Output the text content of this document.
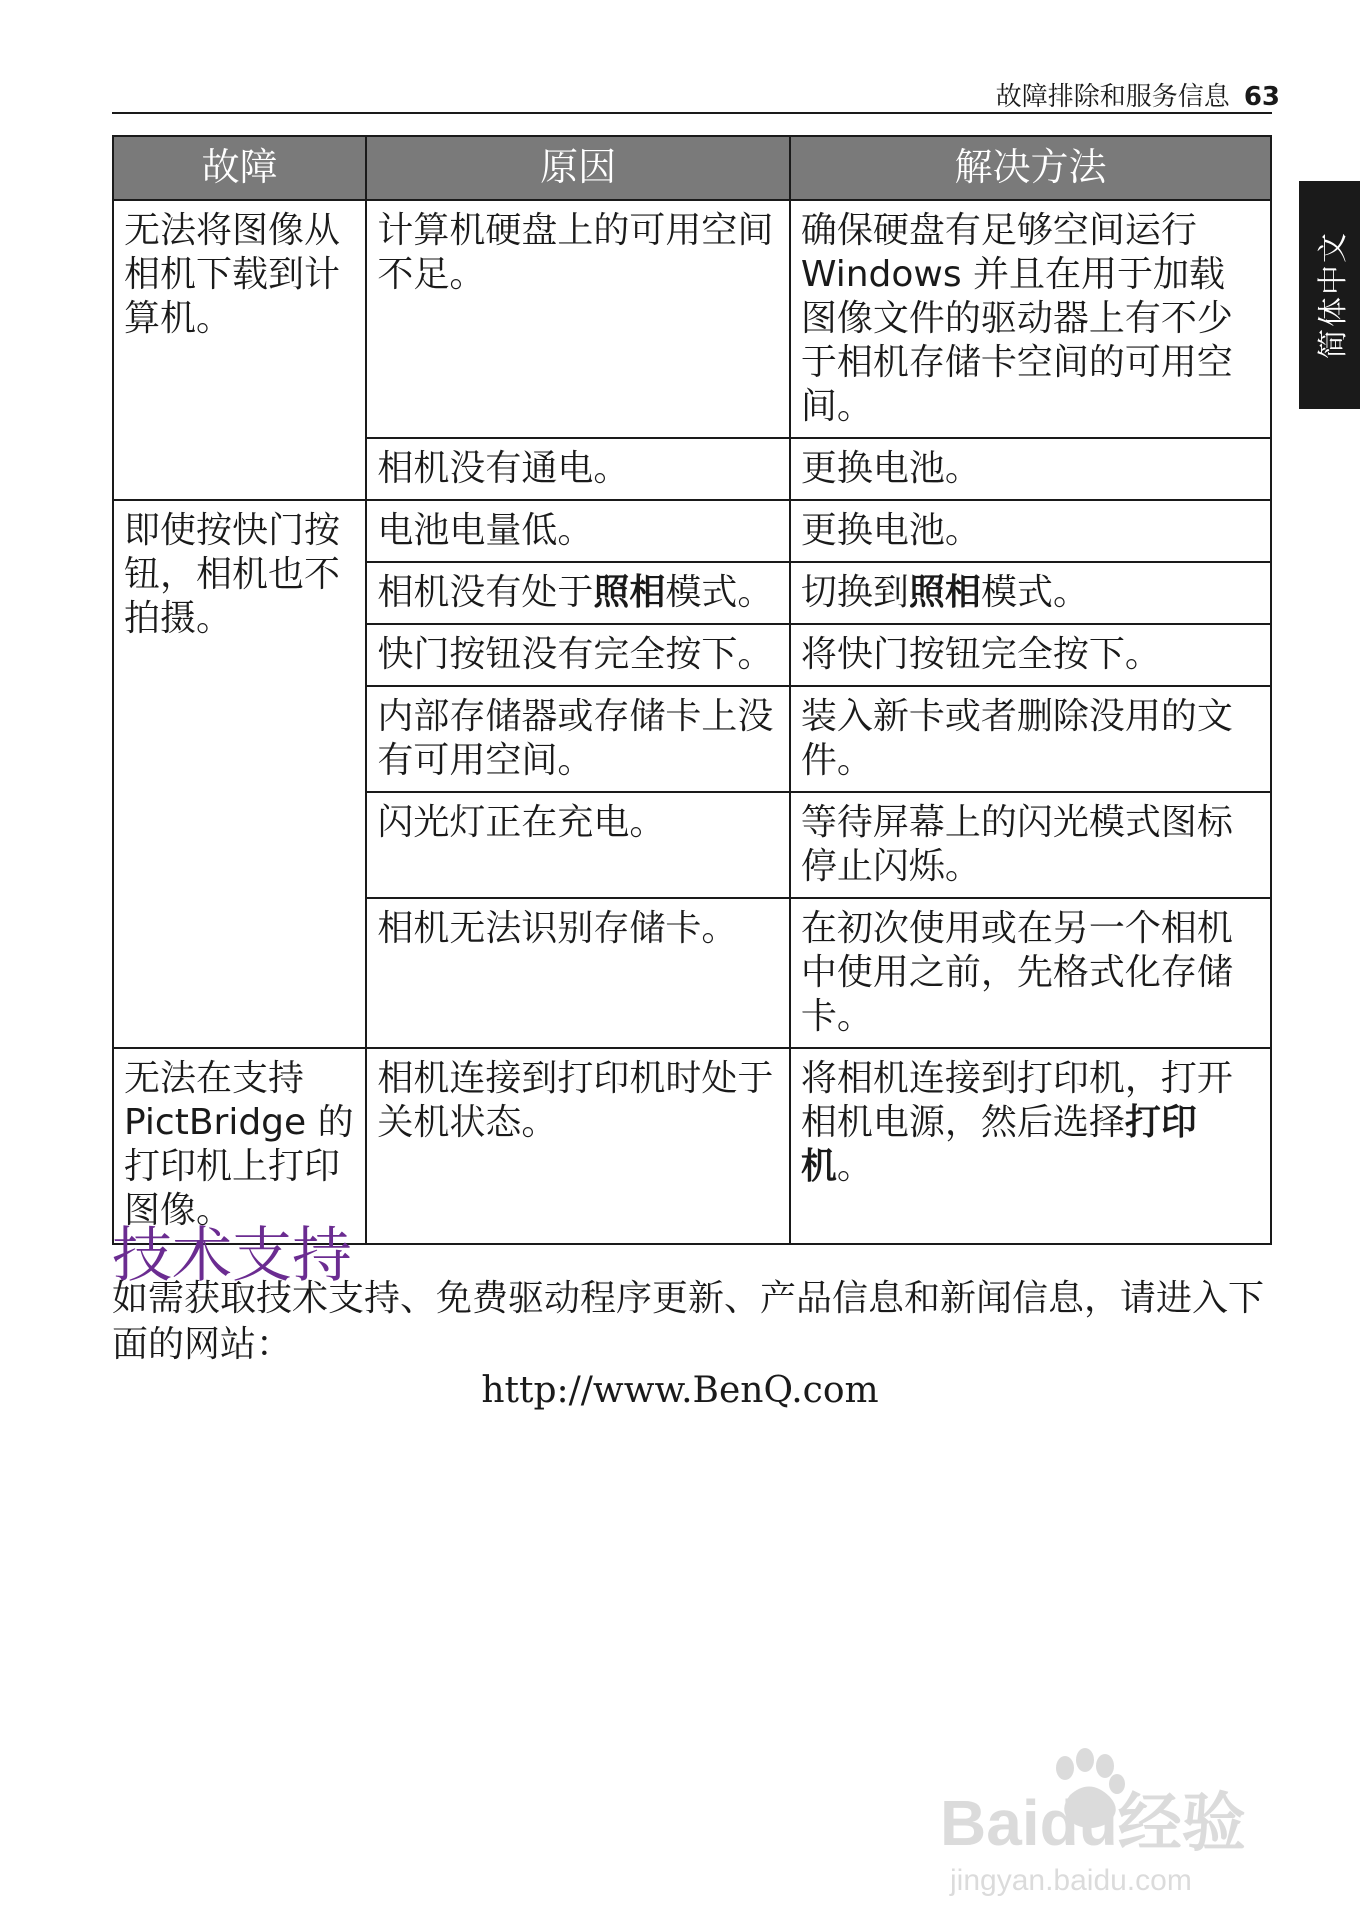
故障排除和服务信息 63
简体中文
故障	原因	解决方法
无法将图像从相机下载到计算机。	计算机硬盘上的可用空间不足。	确保硬盘有足够空间运行 Windows 并且在用于加载图像文件的驱动器上有不少于相机存储卡空间的可用空间。
	相机没有通电。	更换电池。
即使按快门按钮，相机也不拍摄。	电池电量低。	更换电池。
	相机没有处于照相模式。	切换到照相模式。
	快门按钮没有完全按下。	将快门按钮完全按下。
	内部存储器或存储卡上没有可用空间。	装入新卡或者删除没用的文件。
	闪光灯正在充电。	等待屏幕上的闪光模式图标停止闪烁。
	相机无法识别存储卡。	在初次使用或在另一个相机中使用之前，先格式化存储卡。
无法在支持 PictBridge 的打印机上打印图像。	相机连接到打印机时处于关机状态。	将相机连接到打印机，打开相机电源，然后选择打印机。
技术支持
如需获取技术支持、免费驱动程序更新、产品信息和新闻信息，请进入下面的网站：
http://www.BenQ.com
Baidu经验
jingyan.baidu.com
